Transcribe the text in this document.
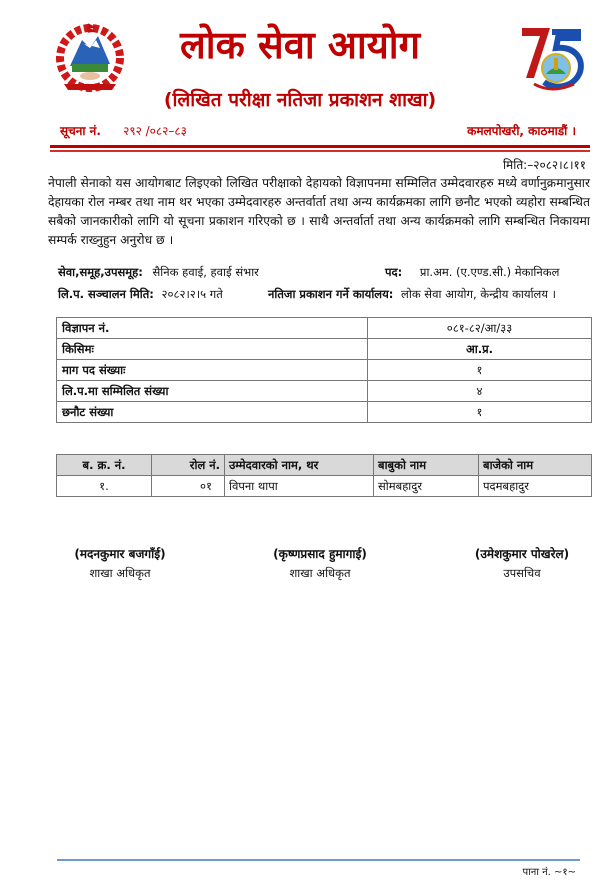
लोक सेवा आयोग
(लिखित परीक्षा नतिजा प्रकाशन शाखा)
सूचना नं. २९२ /०८२–८३	कमलपोखरी, काठमाडौं ।
मिति:–२०८२।८।११
नेपाली सेनाको यस आयोगबाट लिइएको लिखित परीक्षाको देहायको विज्ञापनमा सम्मिलित उम्मेदवारहरु मध्ये वर्णानुक्रमानुसार देहायका रोल नम्बर तथा नाम थर भएका उम्मेदवारहरु अन्तर्वार्ता तथा अन्य कार्यक्रमका लागि छनौट भएको व्यहोरा सम्बन्धित सबैको जानकारीको लागि यो सूचना प्रकाशन गरिएको छ । साथै अन्तर्वार्ता तथा अन्य कार्यक्रमको लागि सम्बन्धित निकायमा सम्पर्क राख्नुहुन अनुरोध छ ।
सेवा,समूह,उपसमूह: सैनिक हवाई, हवाई संभार	पद: प्रा.अम. (ए.एण्ड.सी.) मेकानिकल
लि.प. सञ्चालन मिति: २०८२।२।५ गते	नतिजा प्रकाशन गर्ने कार्यालय: लोक सेवा आयोग, केन्द्रीय कार्यालय ।
विज्ञापन नं.	०८१-८२/आ/३३
किसिमः	आ.प्र.
माग पद संख्याः	१
लि.प.मा सम्मिलित संख्या	४
छनौट संख्या	१
ब. क्र. नं.	रोल नं.	उम्मेदवारको नाम, थर	बाबुको नाम	बाजेको नाम
१.	०१	विपना थापा	सोमबहादुर	पदमबहादुर
(मदनकुमार बजगाँई)
शाखा अधिकृत
(कृष्णप्रसाद हुमागाई)
शाखा अधिकृत
(उमेशकुमार पोखरेल)
उपसचिव
पाना नं. ~१~
